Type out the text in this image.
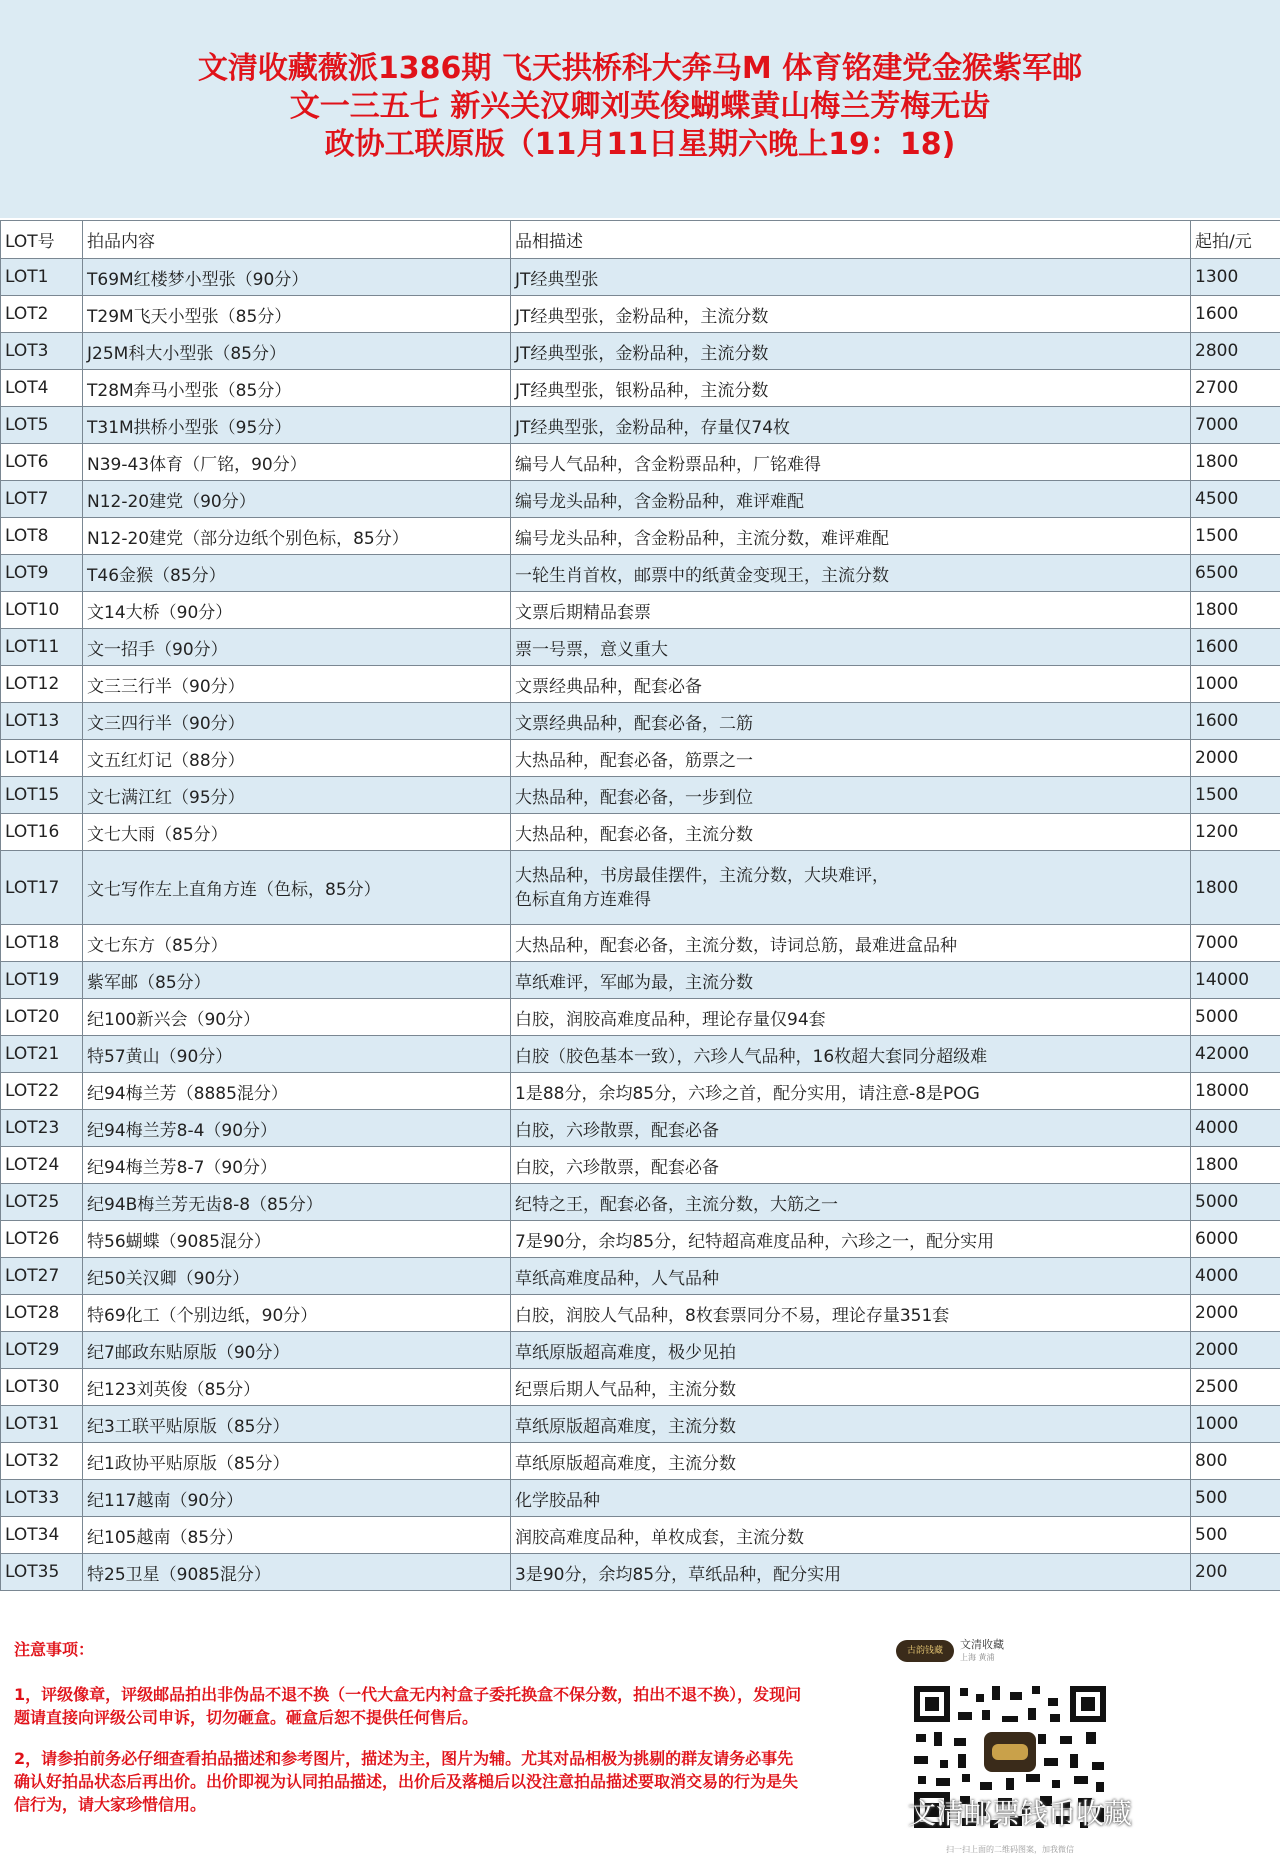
文清收藏薇派1386期 飞天拱桥科大奔马M 体育铭建党金猴紫军邮
文一三五七 新兴关汉卿刘英俊蝴蝶黄山梅兰芳梅无齿
政协工联原版（11月11日星期六晚上19：18)
LOT号	拍品内容	品相描述	起拍/元
LOT1	T69M红楼梦小型张（90分）	JT经典型张	1300
LOT2	T29M飞天小型张（85分）	JT经典型张，金粉品种，主流分数	1600
LOT3	J25M科大小型张（85分）	JT经典型张，金粉品种，主流分数	2800
LOT4	T28M奔马小型张（85分）	JT经典型张，银粉品种，主流分数	2700
LOT5	T31M拱桥小型张（95分）	JT经典型张，金粉品种，存量仅74枚	7000
LOT6	N39-43体育（厂铭，90分）	编号人气品种，含金粉票品种，厂铭难得	1800
LOT7	N12-20建党（90分）	编号龙头品种，含金粉品种，难评难配	4500
LOT8	N12-20建党（部分边纸个别色标，85分）	编号龙头品种，含金粉品种，主流分数，难评难配	1500
LOT9	T46金猴（85分）	一轮生肖首枚，邮票中的纸黄金变现王，主流分数	6500
LOT10	文14大桥（90分）	文票后期精品套票	1800
LOT11	文一招手（90分）	票一号票，意义重大	1600
LOT12	文三三行半（90分）	文票经典品种，配套必备	1000
LOT13	文三四行半（90分）	文票经典品种，配套必备，二筋	1600
LOT14	文五红灯记（88分）	大热品种，配套必备，筋票之一	2000
LOT15	文七满江红（95分）	大热品种，配套必备，一步到位	1500
LOT16	文七大雨（85分）	大热品种，配套必备，主流分数	1200
LOT17	文七写作左上直角方连（色标，85分）	大热品种，书房最佳摆件，主流分数，大块难评，
色标直角方连难得	1800
LOT18	文七东方（85分）	大热品种，配套必备，主流分数，诗词总筋，最难进盒品种	7000
LOT19	紫军邮（85分）	草纸难评，军邮为最，主流分数	14000
LOT20	纪100新兴会（90分）	白胶，润胶高难度品种，理论存量仅94套	5000
LOT21	特57黄山（90分）	白胶（胶色基本一致），六珍人气品种，16枚超大套同分超级难	42000
LOT22	纪94梅兰芳（8885混分）	1是88分，余均85分，六珍之首，配分实用，请注意-8是POG	18000
LOT23	纪94梅兰芳8-4（90分）	白胶，六珍散票，配套必备	4000
LOT24	纪94梅兰芳8-7（90分）	白胶，六珍散票，配套必备	1800
LOT25	纪94B梅兰芳无齿8-8（85分）	纪特之王，配套必备，主流分数，大筋之一	5000
LOT26	特56蝴蝶（9085混分）	7是90分，余均85分，纪特超高难度品种，六珍之一，配分实用	6000
LOT27	纪50关汉卿（90分）	草纸高难度品种，人气品种	4000
LOT28	特69化工（个别边纸，90分）	白胶，润胶人气品种，8枚套票同分不易，理论存量351套	2000
LOT29	纪7邮政东贴原版（90分）	草纸原版超高难度，极少见拍	2000
LOT30	纪123刘英俊（85分）	纪票后期人气品种，主流分数	2500
LOT31	纪3工联平贴原版（85分）	草纸原版超高难度，主流分数	1000
LOT32	纪1政协平贴原版（85分）	草纸原版超高难度，主流分数	800
LOT33	纪117越南（90分）	化学胶品种	500
LOT34	纪105越南（85分）	润胶高难度品种，单枚成套，主流分数	500
LOT35	特25卫星（9085混分）	3是90分，余均85分，草纸品种，配分实用	200

注意事项：

1，评级像章，评级邮品拍出非伪品不退不换（一代大盒无内衬盒子委托换盒不保分数，拍出不退不换），发现问题请直接向评级公司申诉，切勿砸盒。砸盒后恕不提供任何售后。

2，请参拍前务必仔细查看拍品描述和参考图片，描述为主，图片为辅。尤其对品相极为挑剔的群友请务必事先确认好拍品状态后再出价。出价即视为认同拍品描述，出价后及落槌后以没注意拍品描述要取消交易的行为是失信行为，请大家珍惜信用。

古韵钱藏	文清收藏
上海 黄浦
扫一扫上面的二维码图案，加我微信
文清邮票钱币收藏
